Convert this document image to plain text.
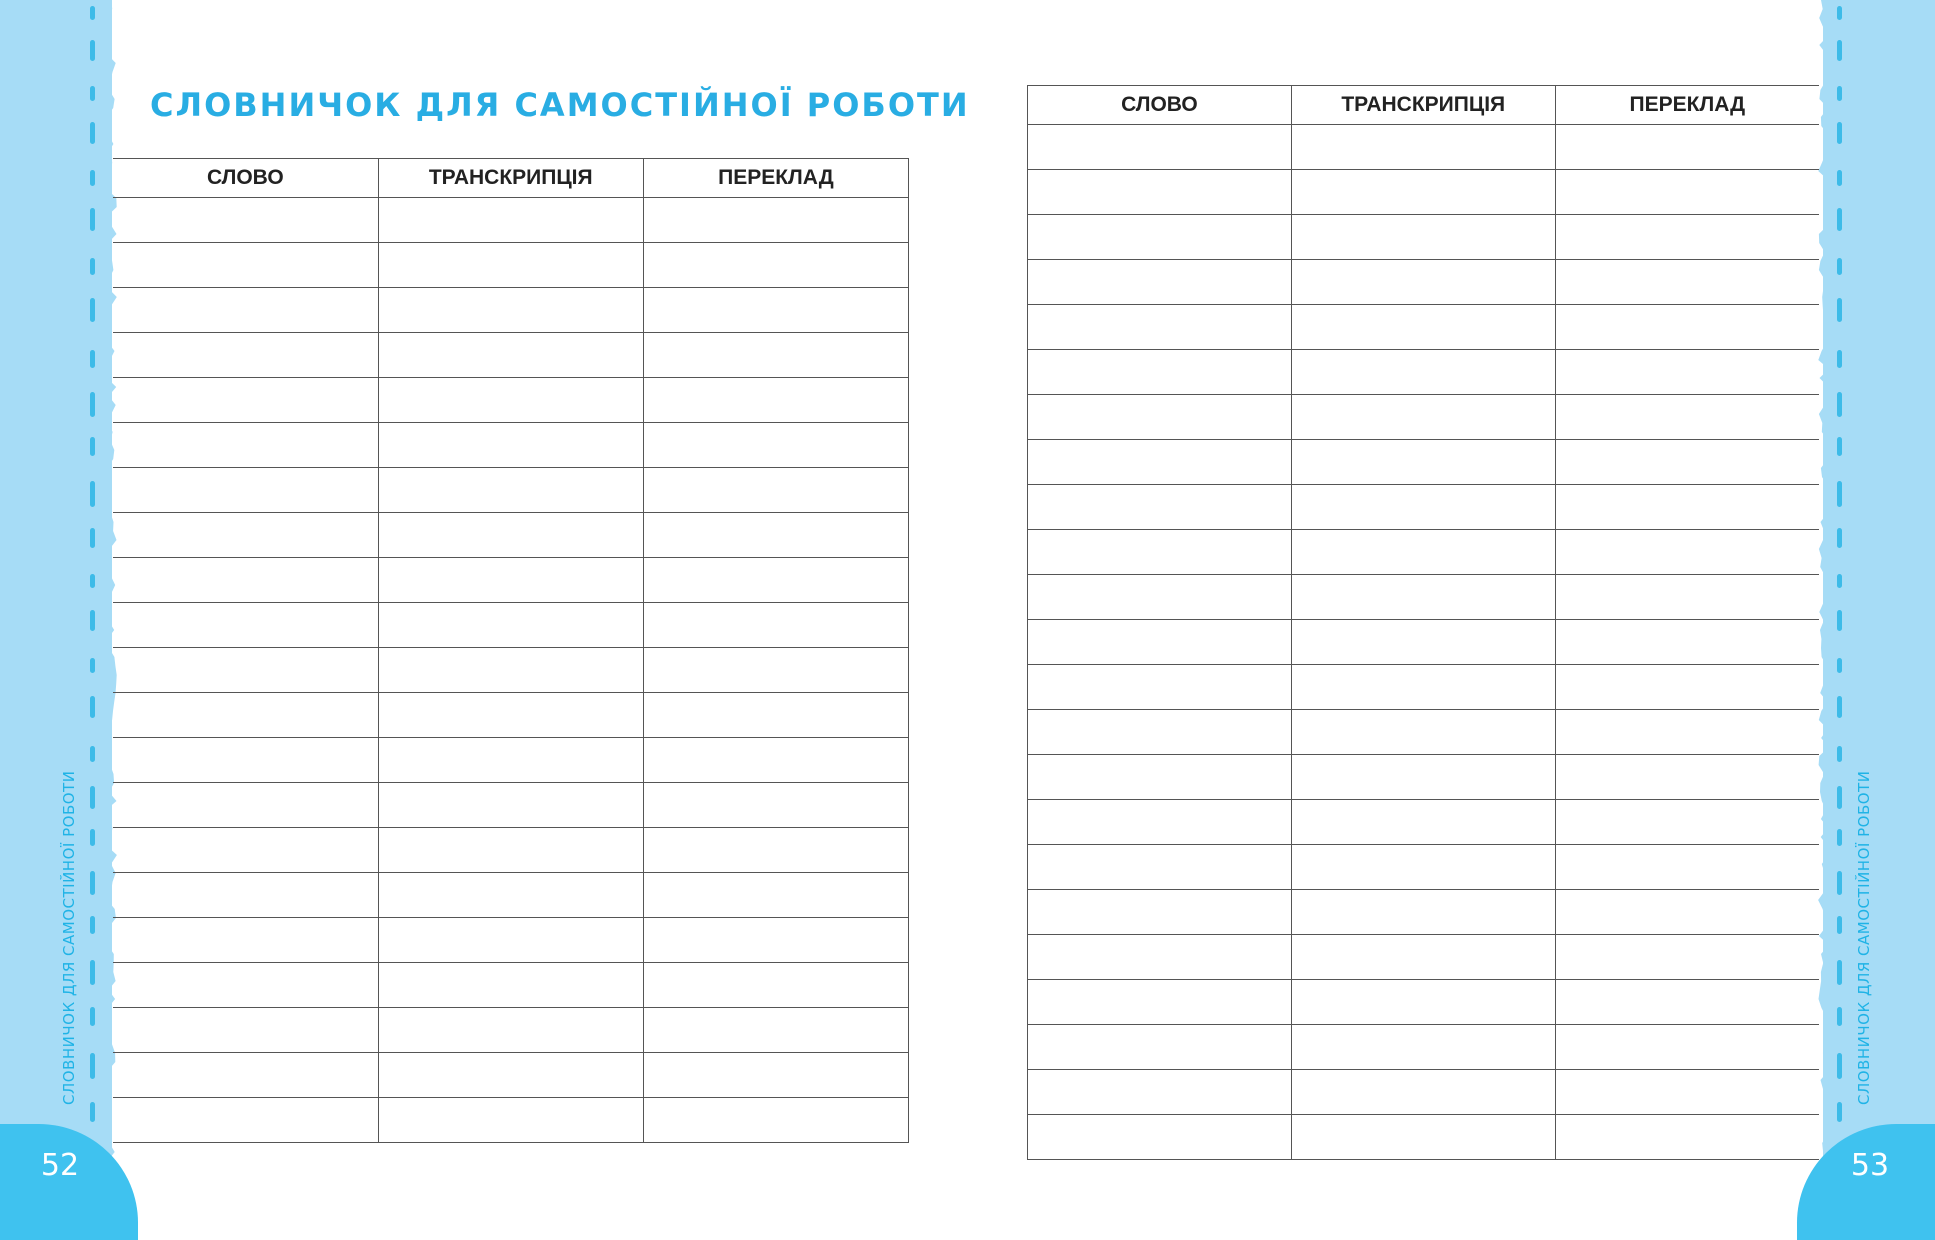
СЛОВНИЧОК ДЛЯ САМОСТІЙНОЇ РОБОТИ
52
СЛОВНИЧОК ДЛЯ САМОСТІЙНОЇ РОБОТИ
53
СЛОВНИЧОК ДЛЯ САМОСТІЙНОЇ РОБОТИ
СЛОВО	ТРАНСКРИПЦІЯ	ПЕРЕКЛАД

СЛОВО	ТРАНСКРИПЦІЯ	ПЕРЕКЛАД
